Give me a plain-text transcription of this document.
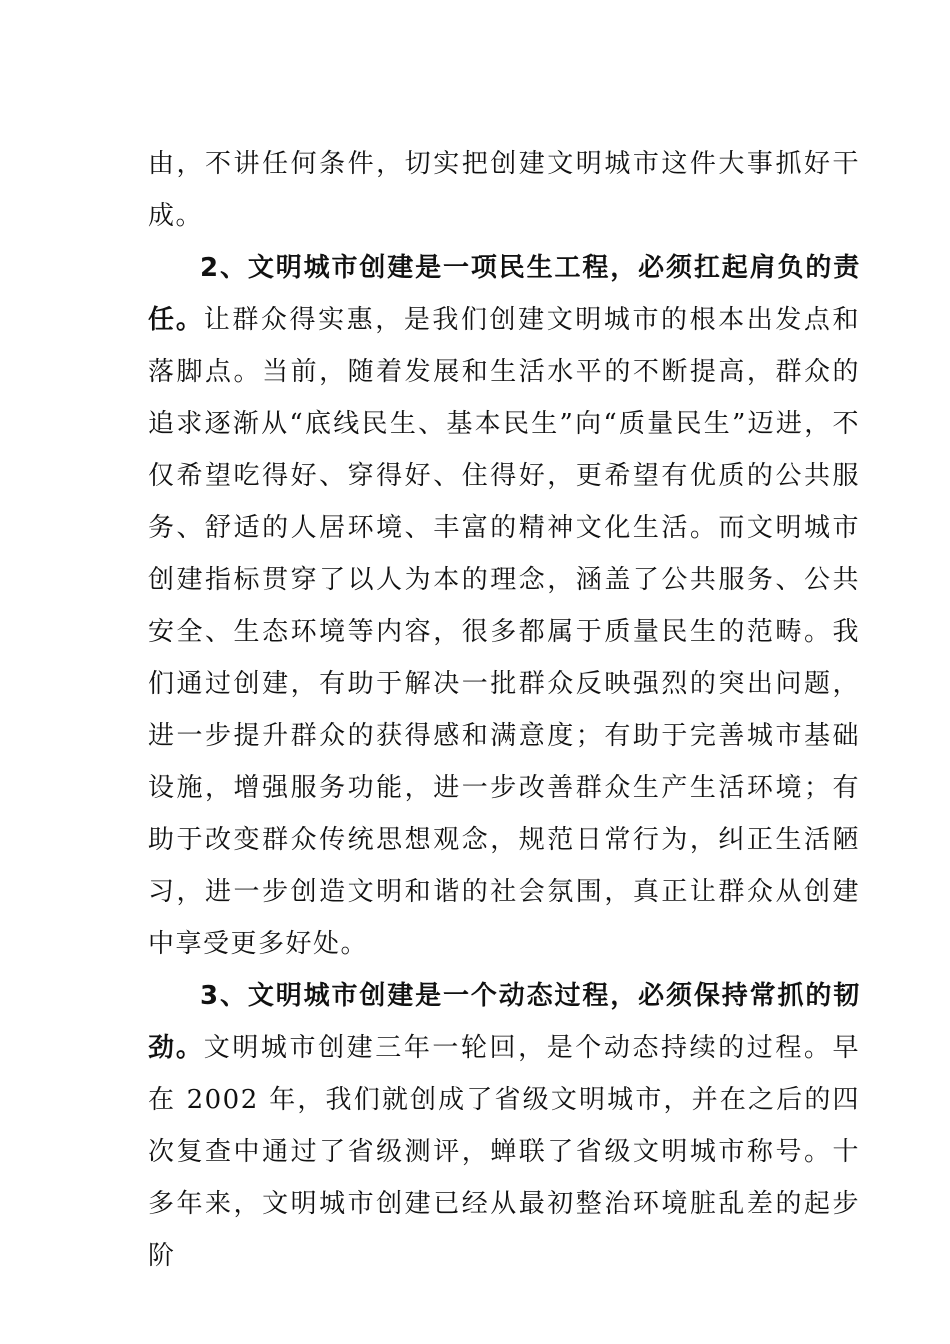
由，不讲任何条件，切实把创建文明城市这件大事抓好干成。

2、文明城市创建是一项民生工程，必须扛起肩负的责任。让群众得实惠，是我们创建文明城市的根本出发点和落脚点。当前，随着发展和生活水平的不断提高，群众的追求逐渐从“底线民生、基本民生”向“质量民生”迈进，不仅希望吃得好、穿得好、住得好，更希望有优质的公共服务、舒适的人居环境、丰富的精神文化生活。而文明城市创建指标贯穿了以人为本的理念，涵盖了公共服务、公共安全、生态环境等内容，很多都属于质量民生的范畴。我们通过创建，有助于解决一批群众反映强烈的突出问题，进一步提升群众的获得感和满意度；有助于完善城市基础设施，增强服务功能，进一步改善群众生产生活环境；有助于改变群众传统思想观念，规范日常行为，纠正生活陋习，进一步创造文明和谐的社会氛围，真正让群众从创建中享受更多好处。

3、文明城市创建是一个动态过程，必须保持常抓的韧劲。文明城市创建三年一轮回，是个动态持续的过程。早在 2002 年，我们就创成了省级文明城市，并在之后的四次复查中通过了省级测评，蝉联了省级文明城市称号。十多年来，文明城市创建已经从最初整治环境脏乱差的起步阶
